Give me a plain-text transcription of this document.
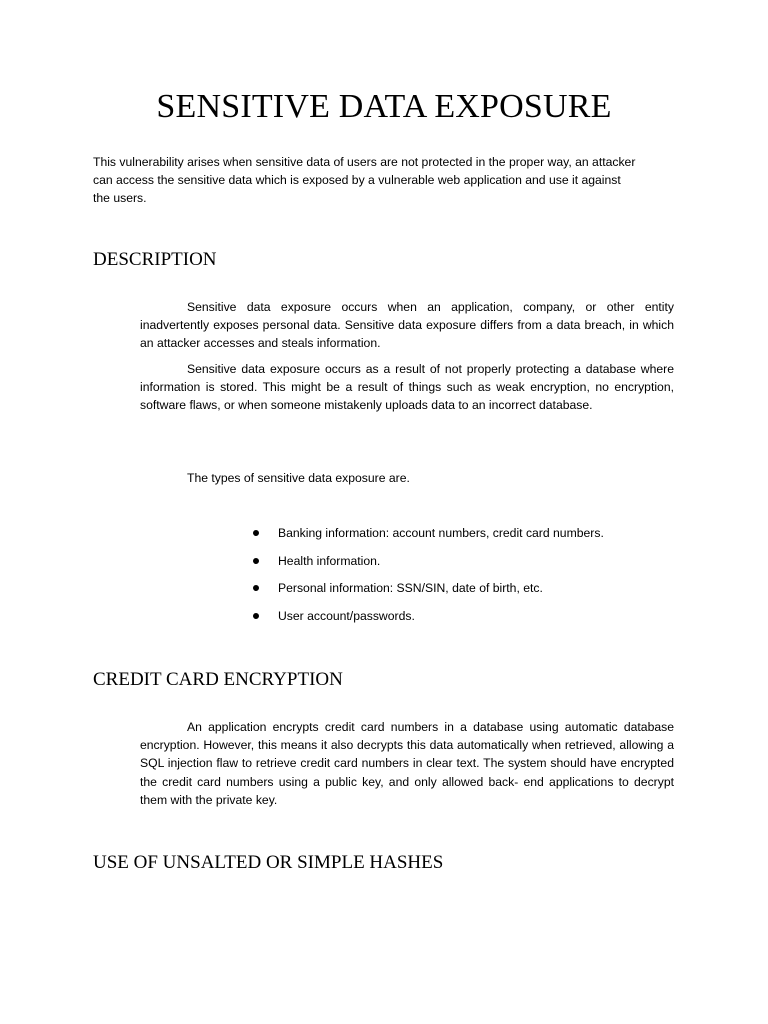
SENSITIVE DATA EXPOSURE

This vulnerability arises when sensitive data of users are not protected in the proper way, an attacker can access the sensitive data which is exposed by a vulnerable web application and use it against the users.

DESCRIPTION

Sensitive data exposure occurs when an application, company, or other entity inadvertently exposes personal data. Sensitive data exposure differs from a data breach, in which an attacker accesses and steals information.

Sensitive data exposure occurs as a result of not properly protecting a database where information is stored. This might be a result of things such as weak encryption, no encryption, software flaws, or when someone mistakenly uploads data to an incorrect database.

The types of sensitive data exposure are.

Banking information: account numbers, credit card numbers.
Health information.
Personal information: SSN/SIN, date of birth, etc.
User account/passwords.
CREDIT CARD ENCRYPTION

An application encrypts credit card numbers in a database using automatic database encryption. However, this means it also decrypts this data automatically when retrieved, allowing a SQL injection flaw to retrieve credit card numbers in clear text. The system should have encrypted the credit card numbers using a public key, and only allowed back- end applications to decrypt them with the private key.

USE OF UNSALTED OR SIMPLE HASHES
